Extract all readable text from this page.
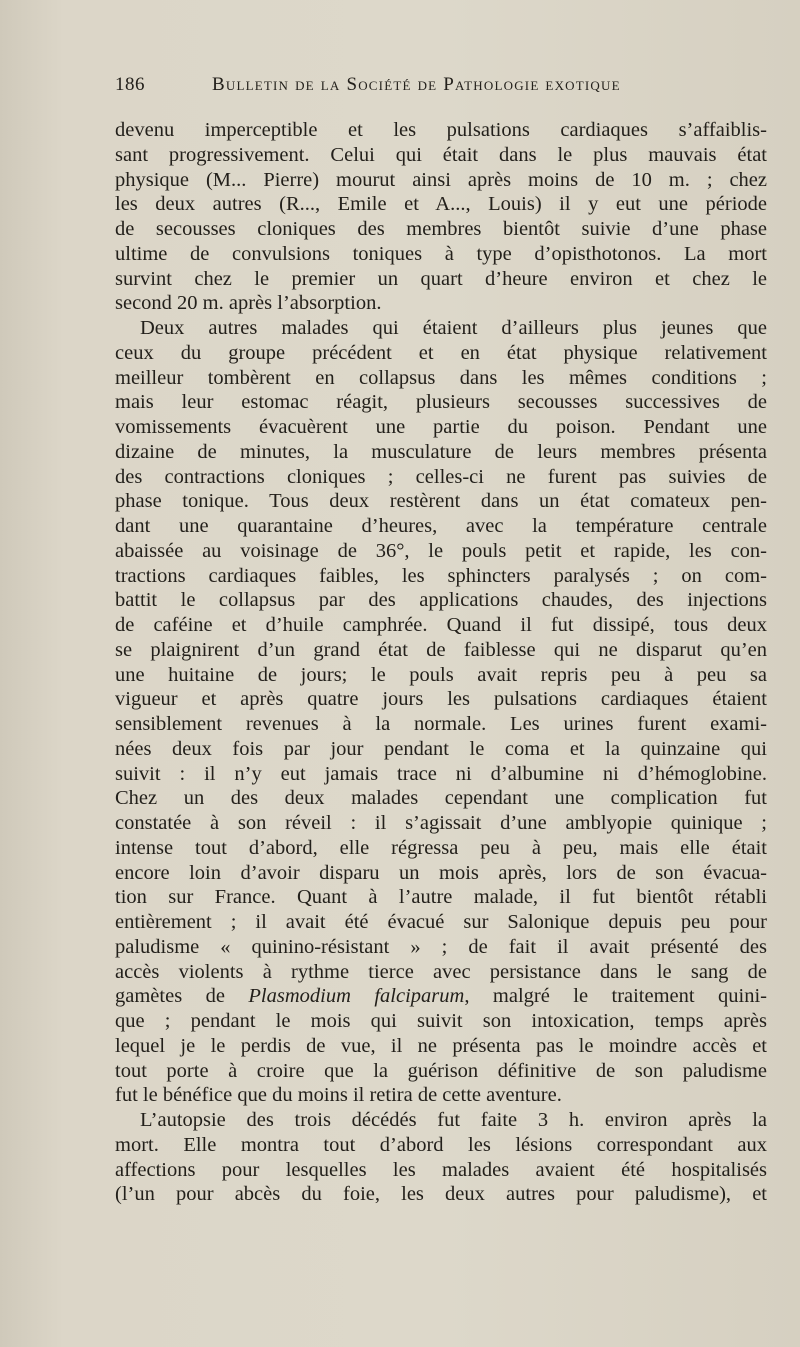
186	Bulletin de la Société de Pathologie exotique
devenu imperceptible et les pulsations cardiaques s’affaiblis-
sant progressivement. Celui qui était dans le plus mauvais état
physique (M... Pierre) mourut ainsi après moins de 10 m. ; chez
les deux autres (R..., Emile et A..., Louis) il y eut une période
de secousses cloniques des membres bientôt suivie d’une phase
ultime de convulsions toniques à type d’opisthotonos. La mort
survint chez le premier un quart d’heure environ et chez le
second 20 m. après l’absorption.
Deux autres malades qui étaient d’ailleurs plus jeunes que
ceux du groupe précédent et en état physique relativement
meilleur tombèrent en collapsus dans les mêmes conditions ;
mais leur estomac réagit, plusieurs secousses successives de
vomissements évacuèrent une partie du poison. Pendant une
dizaine de minutes, la musculature de leurs membres présenta
des contractions cloniques ; celles-ci ne furent pas suivies de
phase tonique. Tous deux restèrent dans un état comateux pen-
dant une quarantaine d’heures, avec la température centrale
abaissée au voisinage de 36°, le pouls petit et rapide, les con-
tractions cardiaques faibles, les sphincters paralysés ; on com-
battit le collapsus par des applications chaudes, des injections
de caféine et d’huile camphrée. Quand il fut dissipé, tous deux
se plaignirent d’un grand état de faiblesse qui ne disparut qu’en
une huitaine de jours; le pouls avait repris peu à peu sa
vigueur et après quatre jours les pulsations cardiaques étaient
sensiblement revenues à la normale. Les urines furent exami-
nées deux fois par jour pendant le coma et la quinzaine qui
suivit : il n’y eut jamais trace ni d’albumine ni d’hémoglobine.
Chez un des deux malades cependant une complication fut
constatée à son réveil : il s’agissait d’une amblyopie quinique ;
intense tout d’abord, elle régressa peu à peu, mais elle était
encore loin d’avoir disparu un mois après, lors de son évacua-
tion sur France. Quant à l’autre malade, il fut bientôt rétabli
entièrement ; il avait été évacué sur Salonique depuis peu pour
paludisme « quinino-résistant » ; de fait il avait présenté des
accès violents à rythme tierce avec persistance dans le sang de
gamètes de Plasmodium falciparum, malgré le traitement quini-
que ; pendant le mois qui suivit son intoxication, temps après
lequel je le perdis de vue, il ne présenta pas le moindre accès et
tout porte à croire que la guérison définitive de son paludisme
fut le bénéfice que du moins il retira de cette aventure.
L’autopsie des trois décédés fut faite 3 h. environ après la
mort. Elle montra tout d’abord les lésions correspondant aux
affections pour lesquelles les malades avaient été hospitalisés
(l’un pour abcès du foie, les deux autres pour paludisme), et
